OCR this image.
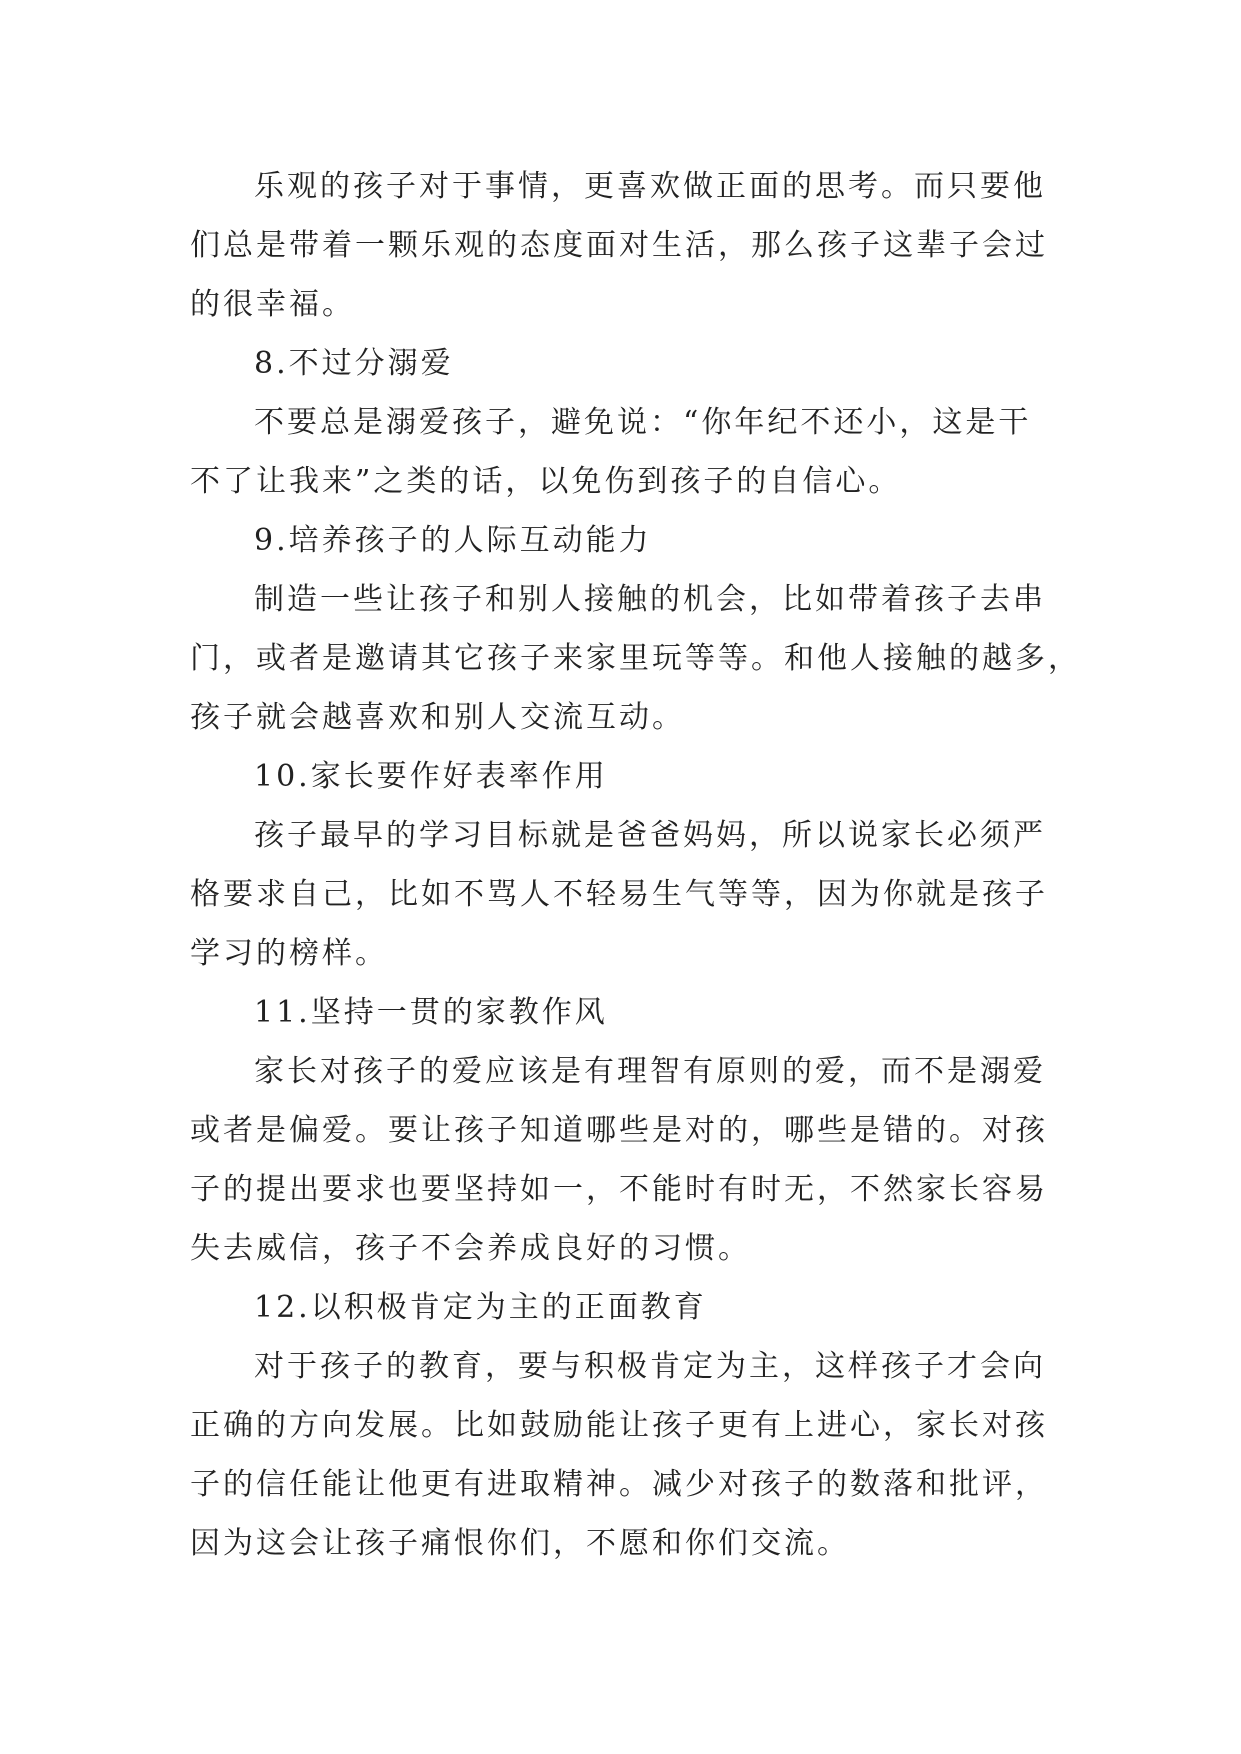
乐观的孩子对于事情，更喜欢做正面的思考。而只要他
们总是带着一颗乐观的态度面对生活，那么孩子这辈子会过
的很幸福。
8.不过分溺爱
不要总是溺爱孩子，避免说：“你年纪不还小，这是干
不了让我来”之类的话，以免伤到孩子的自信心。
9.培养孩子的人际互动能力
制造一些让孩子和别人接触的机会，比如带着孩子去串
门，或者是邀请其它孩子来家里玩等等。和他人接触的越多，
孩子就会越喜欢和别人交流互动。
10.家长要作好表率作用
孩子最早的学习目标就是爸爸妈妈，所以说家长必须严
格要求自己，比如不骂人不轻易生气等等，因为你就是孩子
学习的榜样。
11.坚持一贯的家教作风
家长对孩子的爱应该是有理智有原则的爱，而不是溺爱
或者是偏爱。要让孩子知道哪些是对的，哪些是错的。对孩
子的提出要求也要坚持如一，不能时有时无，不然家长容易
失去威信，孩子不会养成良好的习惯。
12.以积极肯定为主的正面教育
对于孩子的教育，要与积极肯定为主，这样孩子才会向
正确的方向发展。比如鼓励能让孩子更有上进心，家长对孩
子的信任能让他更有进取精神。减少对孩子的数落和批评，
因为这会让孩子痛恨你们，不愿和你们交流。
